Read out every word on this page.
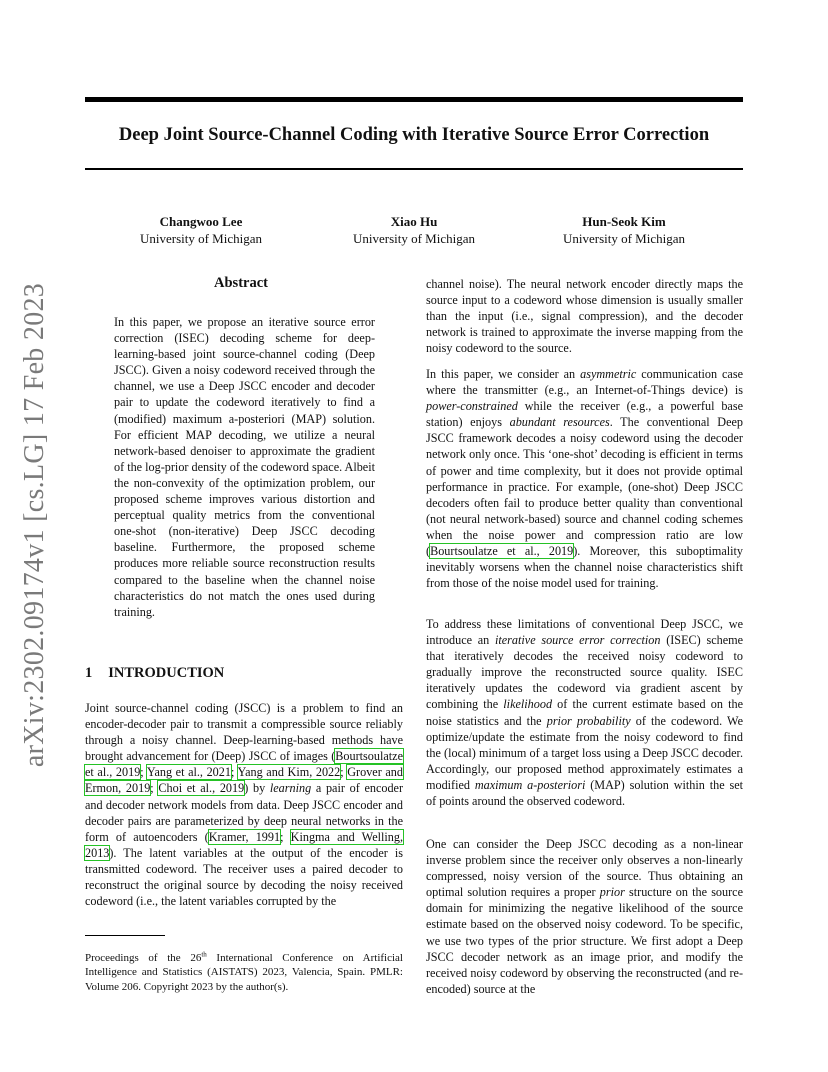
Deep Joint Source-Channel Coding with Iterative Source Error Correction
Changwoo Lee
University of Michigan
Xiao Hu
University of Michigan
Hun-Seok Kim
University of Michigan
arXiv:2302.09174v1 [cs.LG] 17 Feb 2023	Abstract

In this paper, we propose an iterative source error correction (ISEC) decoding scheme for deep-learning-based joint source-channel coding (Deep JSCC). Given a noisy codeword received through the channel, we use a Deep JSCC encoder and decoder pair to update the codeword iteratively to find a (modified) maximum a-posteriori (MAP) solution. For efficient MAP decoding, we utilize a neural network-based denoiser to approximate the gradient of the log-prior density of the codeword space. Albeit the non-convexity of the optimization problem, our proposed scheme improves various distortion and perceptual quality metrics from the conventional one-shot (non-iterative) Deep JSCC decoding baseline. Furthermore, the proposed scheme produces more reliable source reconstruction results compared to the baseline when the channel noise characteristics do not match the ones used during training.

1 INTRODUCTION

Joint source-channel coding (JSCC) is a problem to find an encoder-decoder pair to transmit a compressible source reliably through a noisy channel. Deep-learning-based methods have brought advancement for (Deep) JSCC of images (Bourtsoulatze et al., 2019; Yang et al., 2021; Yang and Kim, 2022; Grover and Ermon, 2019; Choi et al., 2019) by learning a pair of encoder and decoder network models from data. Deep JSCC encoder and decoder pairs are parameterized by deep neural networks in the form of autoencoders (Kramer, 1991; Kingma and Welling, 2013). The latent variables at the output of the encoder is transmitted codeword. The receiver uses a paired decoder to reconstruct the original source by decoding the noisy received codeword (i.e., the latent variables corrupted by the

Proceedings of the 26th International Conference on Artificial Intelligence and Statistics (AISTATS) 2023, Valencia, Spain. PMLR: Volume 206. Copyright 2023 by the author(s).

channel noise). The neural network encoder directly maps the source input to a codeword whose dimension is usually smaller than the input (i.e., signal compression), and the decoder network is trained to approximate the inverse mapping from the noisy codeword to the source.

In this paper, we consider an asymmetric communication case where the transmitter (e.g., an Internet-of-Things device) is power-constrained while the receiver (e.g., a powerful base station) enjoys abundant resources. The conventional Deep JSCC framework decodes a noisy codeword using the decoder network only once. This ‘one-shot’ decoding is efficient in terms of power and time complexity, but it does not provide optimal performance in practice. For example, (one-shot) Deep JSCC decoders often fail to produce better quality than conventional (not neural network-based) source and channel coding schemes when the noise power and compression ratio are low (Bourtsoulatze et al., 2019). Moreover, this suboptimality inevitably worsens when the channel noise characteristics shift from those of the noise model used for training.

To address these limitations of conventional Deep JSCC, we introduce an iterative source error correction (ISEC) scheme that iteratively decodes the received noisy codeword to gradually improve the reconstructed source quality. ISEC iteratively updates the codeword via gradient ascent by combining the likelihood of the current estimate based on the noise statistics and the prior probability of the codeword. We optimize/update the estimate from the noisy codeword to find the (local) minimum of a target loss using a Deep JSCC decoder. Accordingly, our proposed method approximately estimates a modified maximum a-posteriori (MAP) solution within the set of points around the observed codeword.

One can consider the Deep JSCC decoding as a non-linear inverse problem since the receiver only observes a non-linearly compressed, noisy version of the source. Thus obtaining an optimal solution requires a proper prior structure on the source domain for minimizing the negative likelihood of the source estimate based on the observed noisy codeword. To be specific, we use two types of the prior structure. We first adopt a Deep JSCC decoder network as an image prior, and modify the received noisy codeword by observing the reconstructed (and re-encoded) source at the
